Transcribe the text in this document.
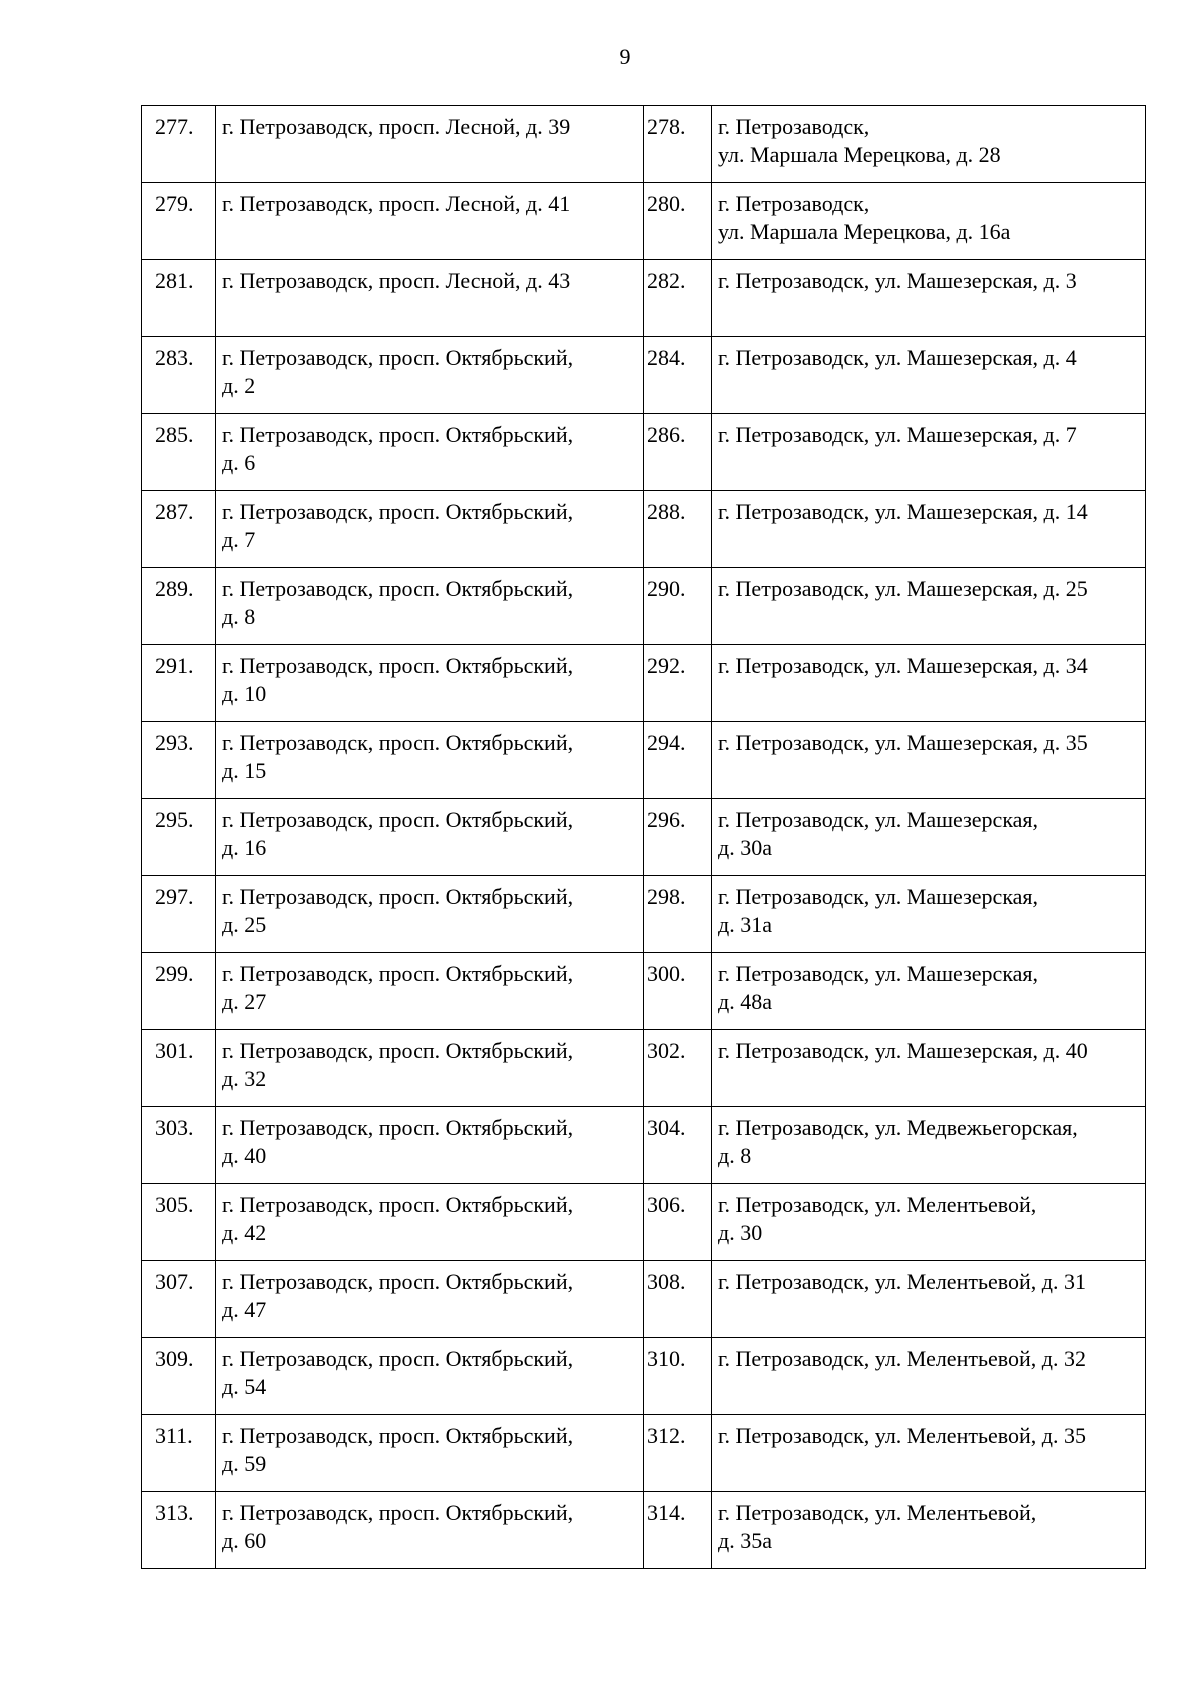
9
277.	г. Петрозаводск, просп. Лесной, д. 39	278.	г. Петрозаводск,
ул. Маршала Мерецкова, д. 28

279.	г. Петрозаводск, просп. Лесной, д. 41	280.	г. Петрозаводск,
ул. Маршала Мерецкова, д. 16а

281.	г. Петрозаводск, просп. Лесной, д. 43	282.	г. Петрозаводск, ул. Машезерская, д. 3

283.	г. Петрозаводск, просп. Октябрьский,
д. 2	284.	г. Петрозаводск, ул. Машезерская, д. 4

285.	г. Петрозаводск, просп. Октябрьский,
д. 6	286.	г. Петрозаводск, ул. Машезерская, д. 7

287.	г. Петрозаводск, просп. Октябрьский,
д. 7	288.	г. Петрозаводск, ул. Машезерская, д. 14

289.	г. Петрозаводск, просп. Октябрьский,
д. 8	290.	г. Петрозаводск, ул. Машезерская, д. 25

291.	г. Петрозаводск, просп. Октябрьский,
д. 10	292.	г. Петрозаводск, ул. Машезерская, д. 34

293.	г. Петрозаводск, просп. Октябрьский,
д. 15	294.	г. Петрозаводск, ул. Машезерская, д. 35

295.	г. Петрозаводск, просп. Октябрьский,
д. 16	296.	г. Петрозаводск, ул. Машезерская,
д. 30а

297.	г. Петрозаводск, просп. Октябрьский,
д. 25	298.	г. Петрозаводск, ул. Машезерская,
д. 31а

299.	г. Петрозаводск, просп. Октябрьский,
д. 27	300.	г. Петрозаводск, ул. Машезерская,
д. 48а

301.	г. Петрозаводск, просп. Октябрьский,
д. 32	302.	г. Петрозаводск, ул. Машезерская, д. 40

303.	г. Петрозаводск, просп. Октябрьский,
д. 40	304.	г. Петрозаводск, ул. Медвежьегорская,
д. 8

305.	г. Петрозаводск, просп. Октябрьский,
д. 42	306.	г. Петрозаводск, ул. Мелентьевой,
д. 30

307.	г. Петрозаводск, просп. Октябрьский,
д. 47	308.	г. Петрозаводск, ул. Мелентьевой, д. 31

309.	г. Петрозаводск, просп. Октябрьский,
д. 54	310.	г. Петрозаводск, ул. Мелентьевой, д. 32

311.	г. Петрозаводск, просп. Октябрьский,
д. 59	312.	г. Петрозаводск, ул. Мелентьевой, д. 35

313.	г. Петрозаводск, просп. Октябрьский,
д. 60	314.	г. Петрозаводск, ул. Мелентьевой,
д. 35а
